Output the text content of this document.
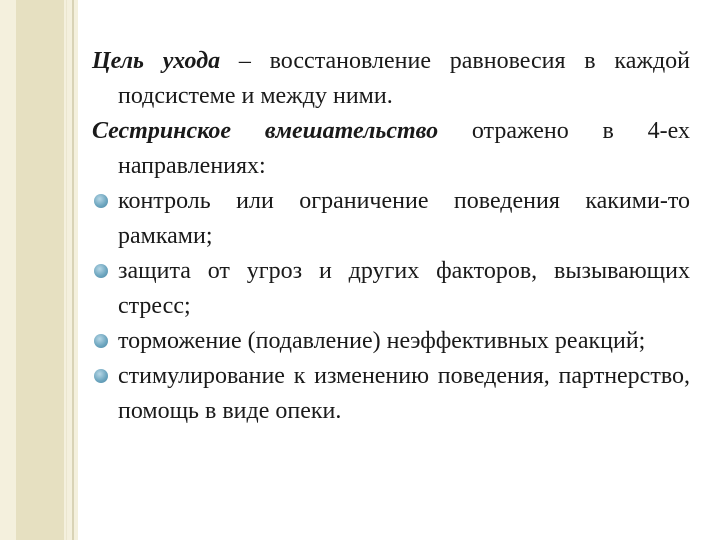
Цель ухода – восстановление равновесия в каждой подсистеме и между ними.

Сестринское вмешательство отражено в 4-ех направлениях:

контроль или ограничение поведения какими-то рамками;

защита от угроз и других факторов, вызывающих стресс;

торможение (подавление) неэффективных реакций;

стимулирование к изменению поведения, партнерство, помощь в виде опеки.
